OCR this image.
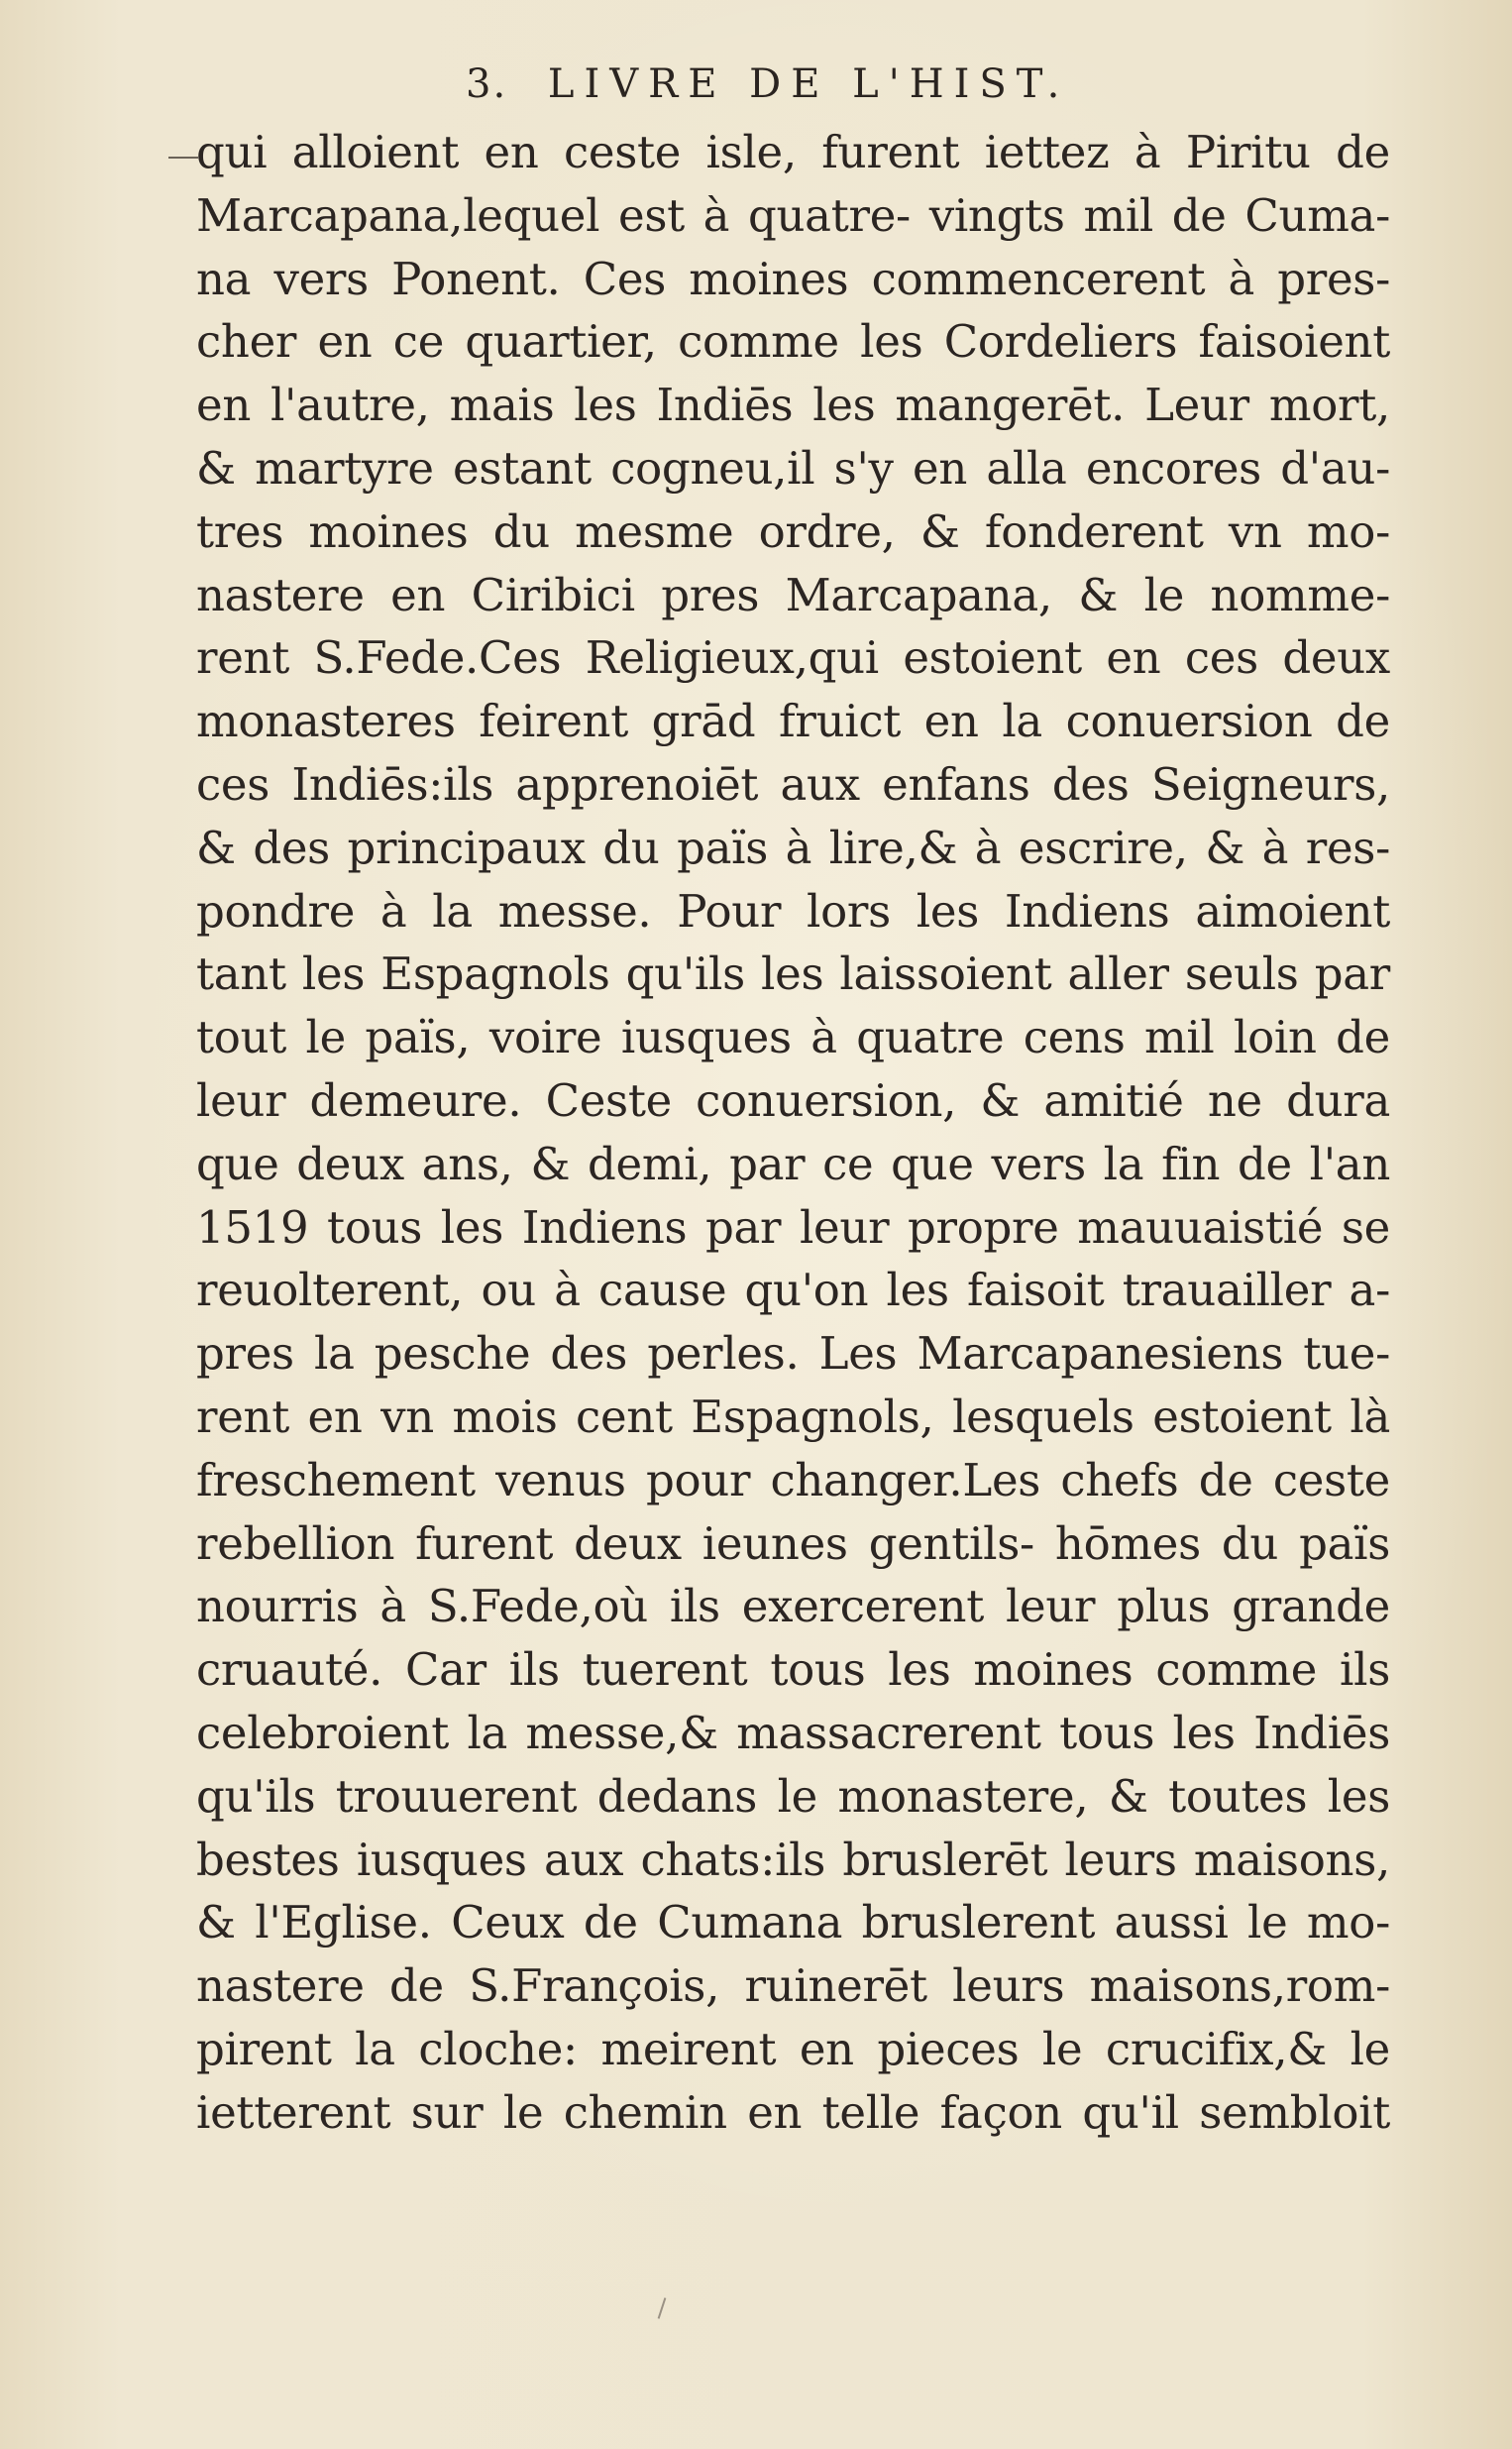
3. LIVRE DE L'HIST.
qui alloient en ceste isle, furent iettez à Piritu de
Marcapana,lequel est à quatre- vingts mil de Cuma-
na vers Ponent. Ces moines commencerent à pres-
cher en ce quartier, comme les Cordeliers faisoient
en l'autre, mais les Indiēs les mangerēt. Leur mort,
& martyre estant cogneu,il s'y en alla encores d'au-
tres moines du mesme ordre, & fonderent vn mo-
nastere en Ciribici pres Marcapana, & le nomme-
rent S.Fede.Ces Religieux,qui estoient en ces deux
monasteres feirent grād fruict en la conuersion de
ces Indiēs:ils apprenoiēt aux enfans des Seigneurs,
& des principaux du païs à lire,& à escrire, & à res-
pondre à la messe. Pour lors les Indiens aimoient
tant les Espagnols qu'ils les laissoient aller seuls par
tout le païs, voire iusques à quatre cens mil loin de
leur demeure. Ceste conuersion, & amitié ne dura
que deux ans, & demi, par ce que vers la fin de l'an
1519 tous les Indiens par leur propre mauuaistié se
reuolterent, ou à cause qu'on les faisoit trauailler a-
pres la pesche des perles. Les Marcapanesiens tue-
rent en vn mois cent Espagnols, lesquels estoient là
freschement venus pour changer.Les chefs de ceste
rebellion furent deux ieunes gentils- hōmes du païs
nourris à S.Fede,où ils exercerent leur plus grande
cruauté. Car ils tuerent tous les moines comme ils
celebroient la messe,& massacrerent tous les Indiēs
qu'ils trouuerent dedans le monastere, & toutes les
bestes iusques aux chats:ils bruslerēt leurs maisons,
& l'Eglise. Ceux de Cumana bruslerent aussi le mo-
nastere de S.François, ruinerēt leurs maisons,rom-
pirent la cloche: meirent en pieces le crucifix,& le
ietterent sur le chemin en telle façon qu'il sembloit
